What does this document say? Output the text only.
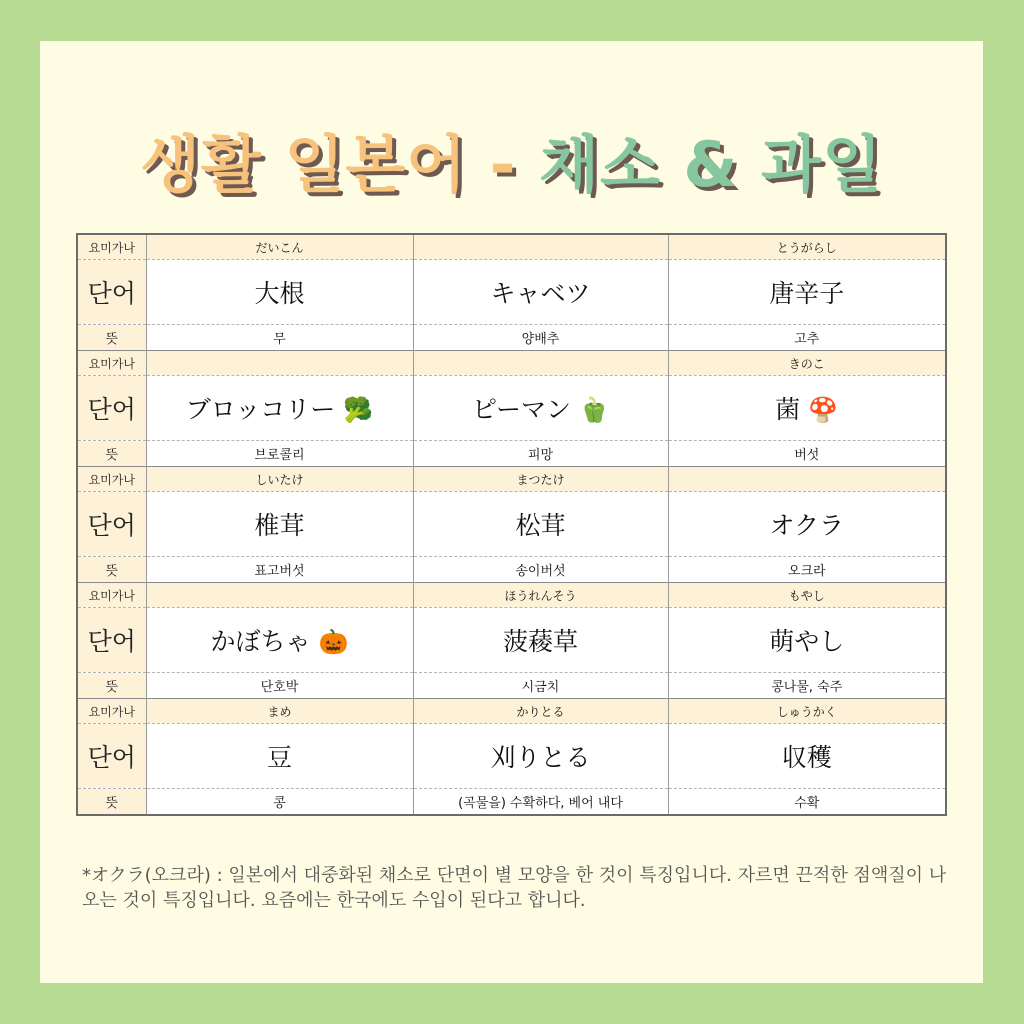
생활 일본어 - 채소 & 과일
요미가나	だいこん		とうがらし
단어	大根	キャベツ	唐辛子
뜻	무	양배추	고추
요미가나			きのこ
단어	ブロッコリー 🥦	ピーマン 🫑	菌 🍄
뜻	브로콜리	피망	버섯
요미가나	しいたけ	まつたけ	
단어	椎茸	松茸	オクラ
뜻	표고버섯	송이버섯	오크라
요미가나		ほうれんそう	もやし
단어	かぼちゃ 🎃	菠薐草	萌やし
뜻	단호박	시금치	콩나물, 숙주
요미가나	まめ	かりとる	しゅうかく
단어	豆	刈りとる	収穫
뜻	콩	(곡물을) 수확하다, 베어 내다	수확
*オクラ(오크라) : 일본에서 대중화된 채소로 단면이 별 모양을 한 것이 특징입니다. 자르면 끈적한 점액질이 나오는 것이 특징입니다. 요즘에는 한국에도 수입이 된다고 합니다.
